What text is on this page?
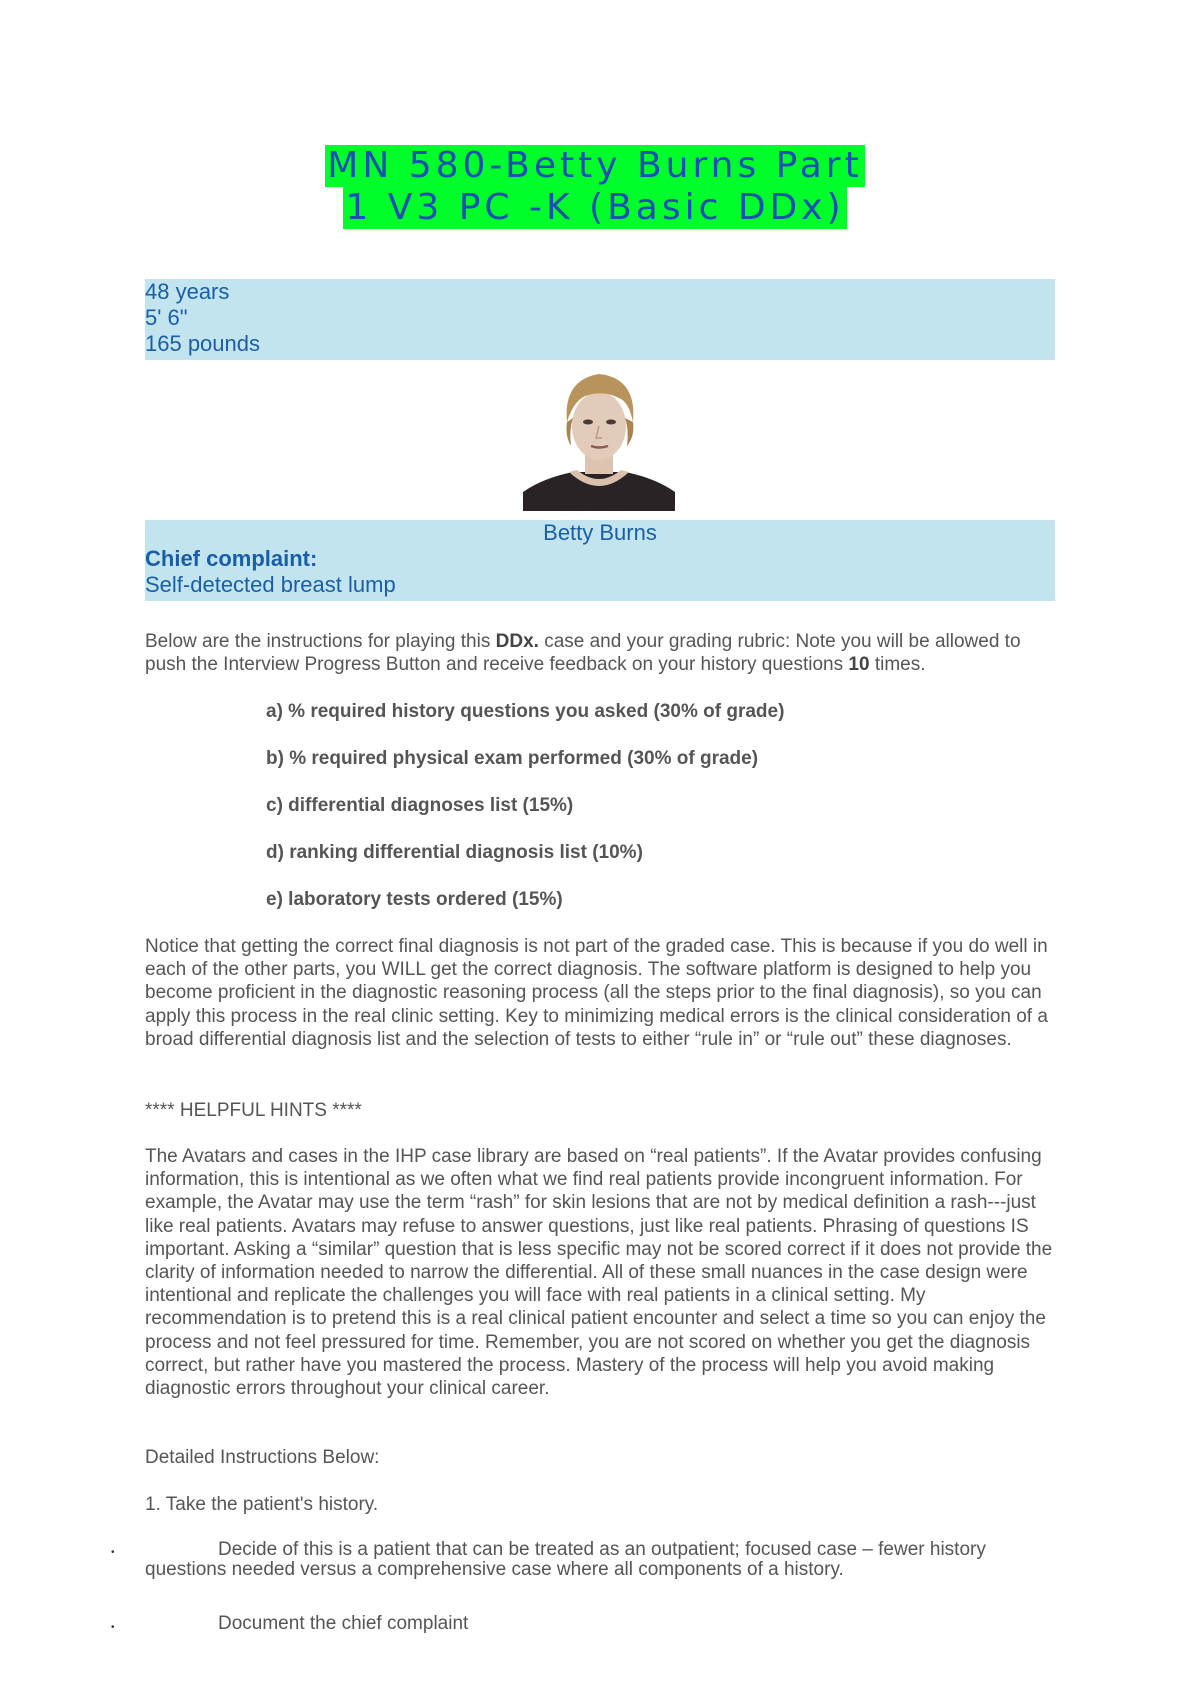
MN 580-Betty Burns Part
1 V3 PC -K (Basic DDx)
48 years
5' 6"
165 pounds
Betty Burns
Chief complaint:
Self-detected breast lump
Below are the instructions for playing this DDx. case and your grading rubric: Note you will be allowed to push the Interview Progress Button and receive feedback on your history questions 10 times.
a) % required history questions you asked (30% of grade)
b) % required physical exam performed (30% of grade)
c) differential diagnoses list (15%)
d) ranking differential diagnosis list (10%)
e) laboratory tests ordered (15%)
Notice that getting the correct final diagnosis is not part of the graded case. This is because if you do well in each of the other parts, you WILL get the correct diagnosis. The software platform is designed to help you become proficient in the diagnostic reasoning process (all the steps prior to the final diagnosis), so you can apply this process in the real clinic setting. Key to minimizing medical errors is the clinical consideration of a broad differential diagnosis list and the selection of tests to either “rule in” or “rule out” these diagnoses.
**** HELPFUL HINTS ****
The Avatars and cases in the IHP case library are based on “real patients”. If the Avatar provides confusing information, this is intentional as we often what we find real patients provide incongruent information. For example, the Avatar may use the term “rash” for skin lesions that are not by medical definition a rash---just like real patients. Avatars may refuse to answer questions, just like real patients. Phrasing of questions IS important. Asking a “similar” question that is less specific may not be scored correct if it does not provide the clarity of information needed to narrow the differential. All of these small nuances in the case design were intentional and replicate the challenges you will face with real patients in a clinical setting. My recommendation is to pretend this is a real clinical patient encounter and select a time so you can enjoy the process and not feel pressured for time. Remember, you are not scored on whether you get the diagnosis correct, but rather have you mastered the process. Mastery of the process will help you avoid making diagnostic errors throughout your clinical career.
Detailed Instructions Below:
1. Take the patient's history.
•	Decide of this is a patient that can be treated as an outpatient; focused case – fewer history
questions needed versus a comprehensive case where all components of a history.
•	Document the chief complaint
